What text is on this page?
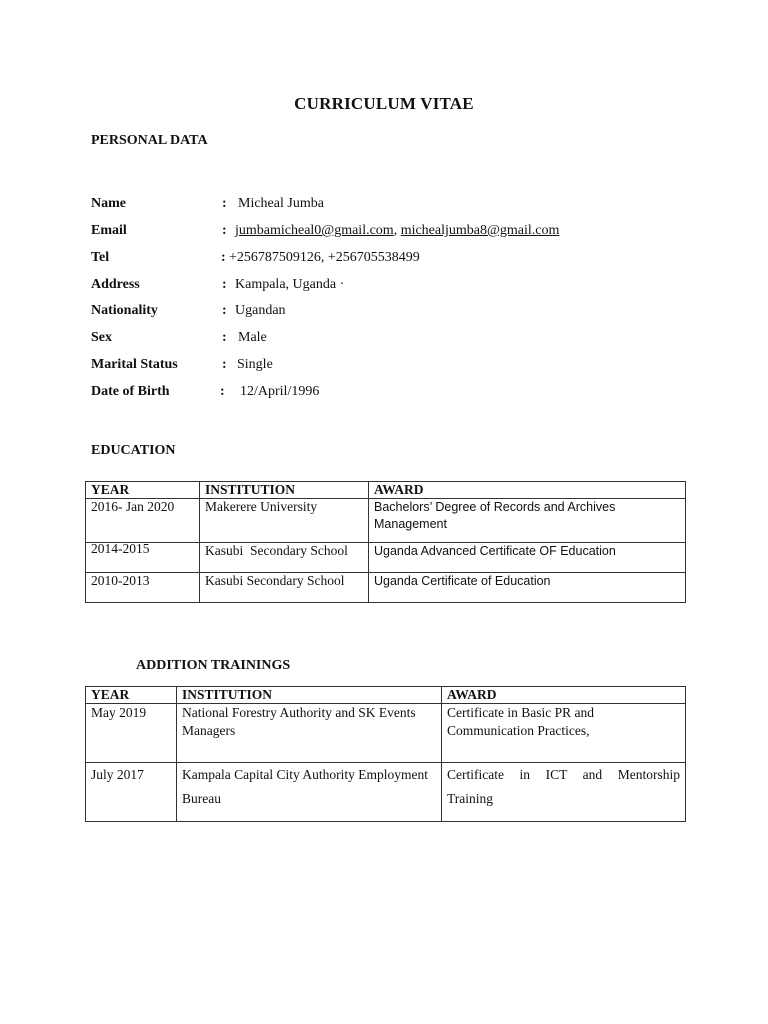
CURRICULUM VITAE
PERSONAL DATA
Name	: Micheal Jumba
Email	: jumbamicheal0@gmail.com, michealjumba8@gmail.com
Tel	: +256787509126, +256705538499
Address	: Kampala, Uganda ·
Nationality	: Ugandan
Sex	: Male
Marital Status	: Single
Date of Birth	: 12/April/1996
EDUCATION
YEAR	INSTITUTION	AWARD
2016- Jan 2020	Makerere University	Bachelors’ Degree of Records and Archives Management

2014-2015	Kasubi  Secondary School	Uganda Advanced Certificate OF Education
2010-2013	Kasubi Secondary School	Uganda Certificate of Education
ADDITION TRAININGS
YEAR	INSTITUTION	AWARD
May 2019	National Forestry Authority and SK Events Managers	Certificate in Basic PR and Communication Practices,
July 2017	Kampala Capital City Authority Employment Bureau	Certificate in ICT and Mentorship Training
